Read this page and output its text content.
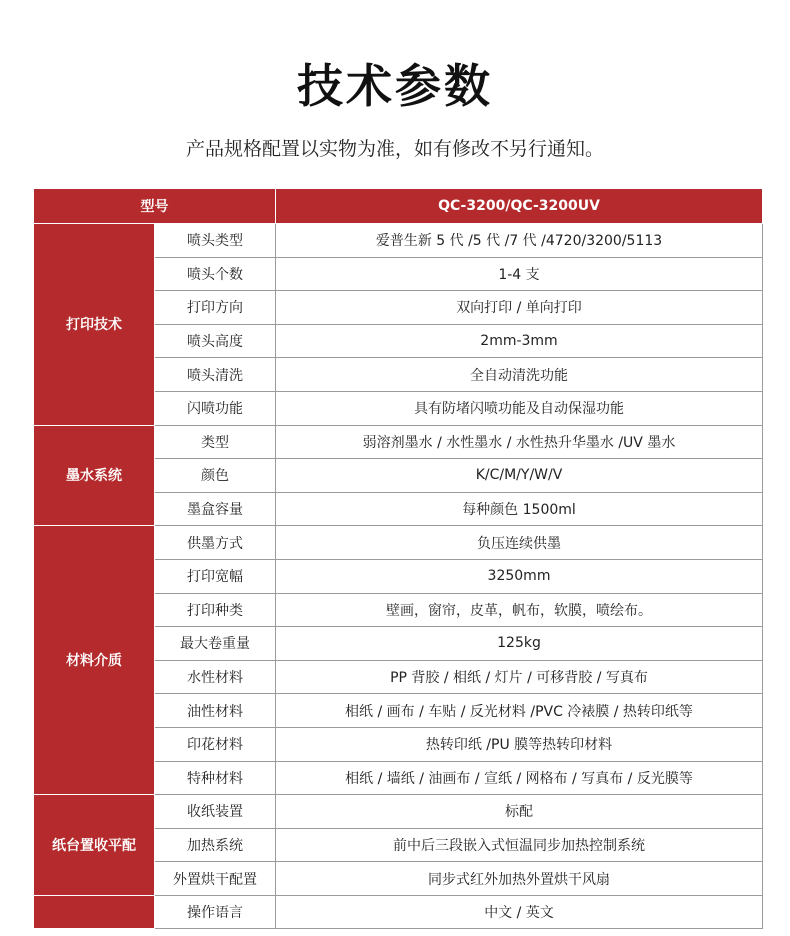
技术参数
产品规格配置以实物为准，如有修改不另行通知。
型号		QC-3200/QC-3200UV
打印技术	喷头类型	爱普生新 5 代 /5 代 /7 代 /4720/3200/5113
	喷头个数	1-4 支
	打印方向	双向打印 / 单向打印
	喷头高度	2mm-3mm
	喷头清洗	全自动清洗功能
	闪喷功能	具有防堵闪喷功能及自动保湿功能
墨水系统	类型	弱溶剂墨水 / 水性墨水 / 水性热升华墨水 /UV 墨水
	颜色	K/C/M/Y/W/V
	墨盒容量	每种颜色 1500ml
材料介质	供墨方式	负压连续供墨
	打印宽幅	3250mm
	打印种类	壁画，窗帘，皮革，帆布，软膜，喷绘布。
	最大卷重量	125kg
	水性材料	PP 背胶 / 相纸 / 灯片 / 可移背胶 / 写真布
	油性材料	相纸 / 画布 / 车贴 / 反光材料 /PVC 冷裱膜 / 热转印纸等
	印花材料	热转印纸 /PU 膜等热转印材料
	特种材料	相纸 / 墙纸 / 油画布 / 宣纸 / 网格布 / 写真布 / 反光膜等
纸台置收平配	收纸装置	标配
	加热系统	前中后三段嵌入式恒温同步加热控制系统
	外置烘干配置	同步式红外加热外置烘干风扇
	操作语言	中文 / 英文
